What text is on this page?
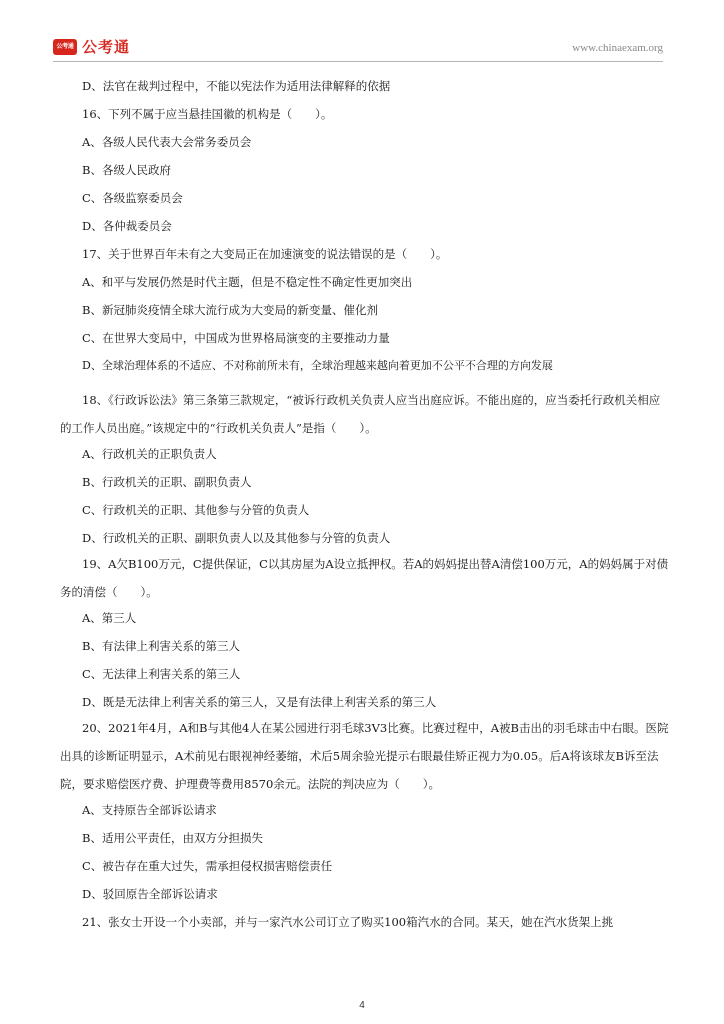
公考通 公考通	www.chinaexam.org

D、法官在裁判过程中，不能以宪法作为适用法律解释的依据

16、下列不属于应当悬挂国徽的机构是（　　）。

A、各级人民代表大会常务委员会

B、各级人民政府

C、各级监察委员会

D、各仲裁委员会

17、关于世界百年未有之大变局正在加速演变的说法错误的是（　　）。

A、和平与发展仍然是时代主题，但是不稳定性不确定性更加突出

B、新冠肺炎疫情全球大流行成为大变局的新变量、催化剂

C、在世界大变局中，中国成为世界格局演变的主要推动力量

D、全球治理体系的不适应、不对称前所未有，全球治理越来越向着更加不公平不合理的方向发展

18、《行政诉讼法》第三条第三款规定，“被诉行政机关负责人应当出庭应诉。不能出庭的，应当委托行政机关相应的工作人员出庭。”该规定中的“行政机关负责人”是指（　　）。

A、行政机关的正职负责人

B、行政机关的正职、副职负责人

C、行政机关的正职、其他参与分管的负责人

D、行政机关的正职、副职负责人以及其他参与分管的负责人

19、A欠B100万元，C提供保证，C以其房屋为A设立抵押权。若A的妈妈提出替A清偿100万元，A的妈妈属于对债务的清偿（　　）。

A、第三人

B、有法律上利害关系的第三人

C、无法律上利害关系的第三人

D、既是无法律上利害关系的第三人，又是有法律上利害关系的第三人

20、2021年4月，A和B与其他4人在某公园进行羽毛球3V3比赛。比赛过程中，A被B击出的羽毛球击中右眼。医院出具的诊断证明显示，A术前见右眼视神经萎缩，术后5周余验光提示右眼最佳矫正视力为0.05。后A将该球友B诉至法院，要求赔偿医疗费、护理费等费用8570余元。法院的判决应为（　　）。

A、支持原告全部诉讼请求

B、适用公平责任，由双方分担损失

C、被告存在重大过失，需承担侵权损害赔偿责任

D、驳回原告全部诉讼请求

21、张女士开设一个小卖部，并与一家汽水公司订立了购买100箱汽水的合同。某天，她在汽水货架上挑

4
